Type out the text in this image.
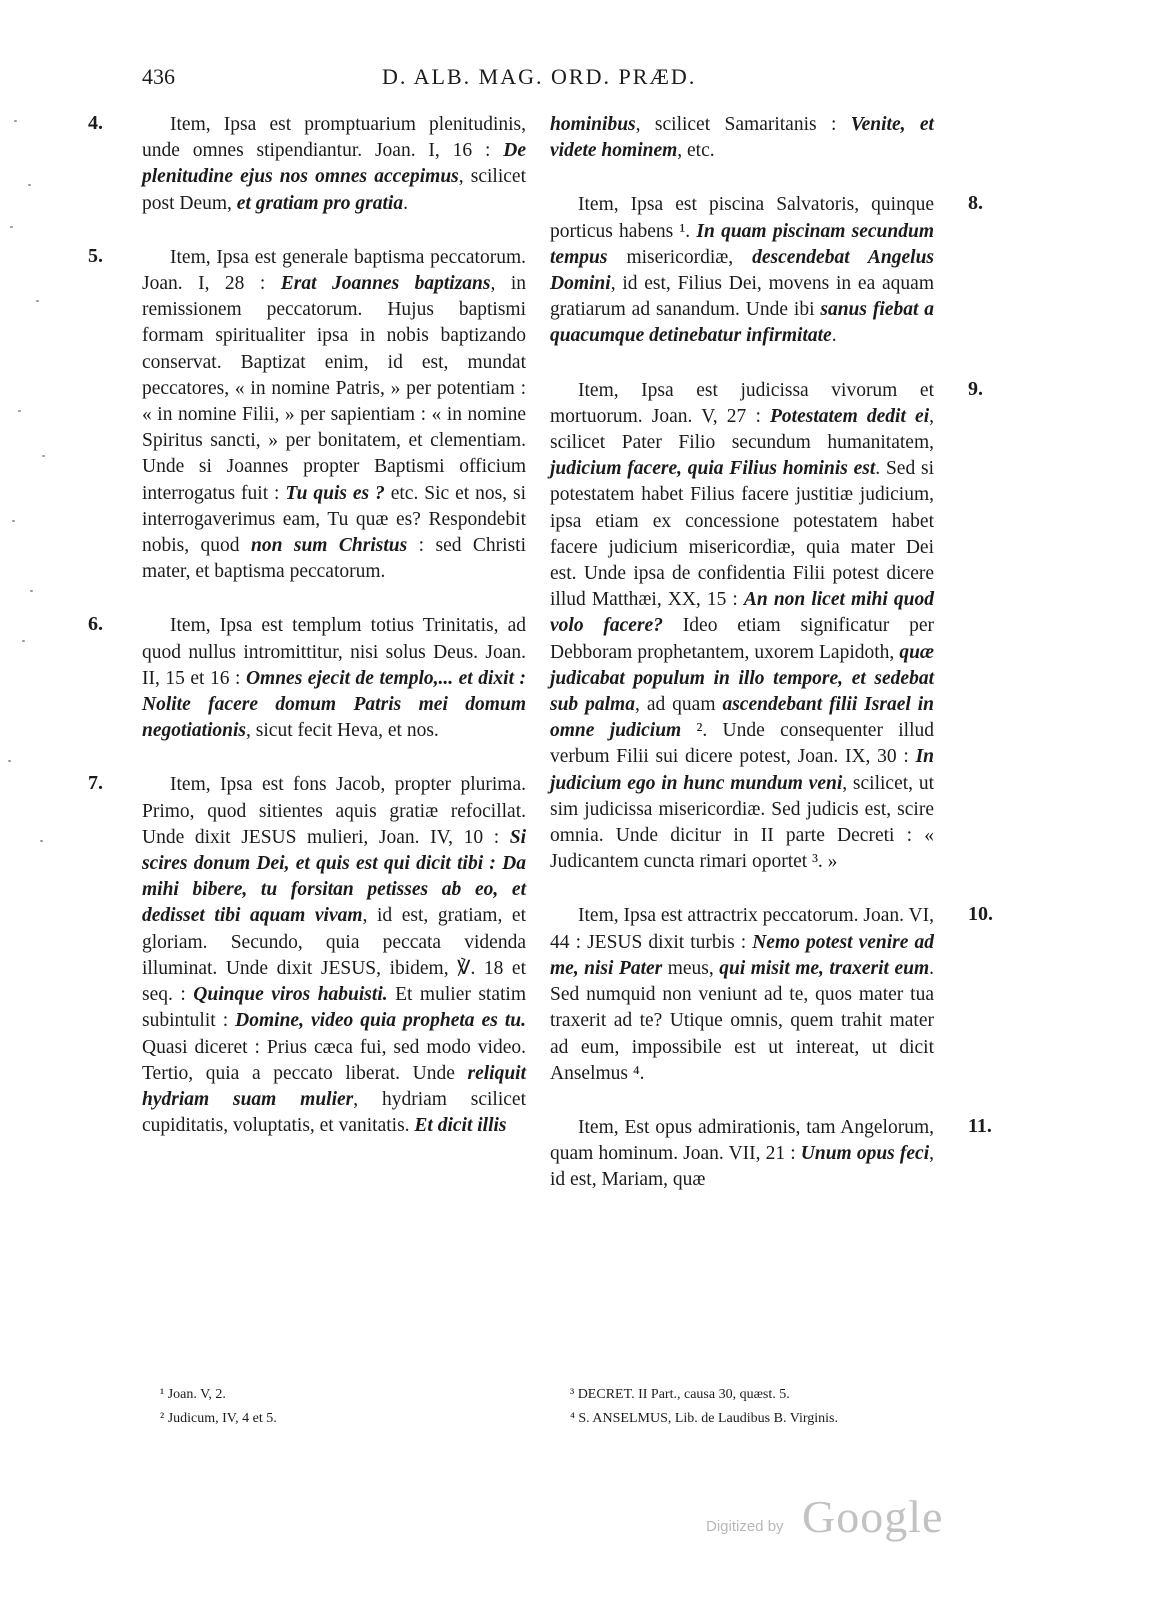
436	D. ALB. MAG. ORD. PRÆD.

Item, Ipsa est promptuarium plenitudinis, unde omnes stipendiantur. Joan. I, 16 : De plenitudine ejus nos omnes accepimus, scilicet post Deum, et gratiam pro gratia.

Item, Ipsa est generale baptisma peccatorum. Joan. I, 28 : Erat Joannes baptizans, in remissionem peccatorum. Hujus baptismi formam spiritualiter ipsa in nobis baptizando conservat. Baptizat enim, id est, mundat peccatores, « in nomine Patris, » per potentiam : « in nomine Filii, » per sapientiam : « in nomine Spiritus sancti, » per bonitatem, et clementiam. Unde si Joannes propter Baptismi officium interrogatus fuit : Tu quis es ? etc. Sic et nos, si interrogaverimus eam, Tu quæ es? Respondebit nobis, quod non sum Christus : sed Christi mater, et baptisma peccatorum.

Item, Ipsa est templum totius Trinitatis, ad quod nullus intromittitur, nisi solus Deus. Joan. II, 15 et 16 : Omnes ejecit de templo,... et dixit : Nolite facere domum Patris mei domum negotiationis, sicut fecit Heva, et nos.

Item, Ipsa est fons Jacob, propter plurima. Primo, quod sitientes aquis gratiæ refocillat. Unde dixit JESUS mulieri, Joan. IV, 10 : Si scires donum Dei, et quis est qui dicit tibi : Da mihi bibere, tu forsitan petisses ab eo, et dedisset tibi aquam vivam, id est, gratiam, et gloriam. Secundo, quia peccata videnda illuminat. Unde dixit JESUS, ibidem, ℣. 18 et seq. : Quinque viros habuisti. Et mulier statim subintulit : Domine, video quia propheta es tu. Quasi diceret : Prius cæca fui, sed modo video. Tertio, quia a peccato liberat. Unde reliquit hydriam suam mulier, hydriam scilicet cupiditatis, voluptatis, et vanitatis. Et dicit illis

hominibus, scilicet Samaritanis : Venite, et videte hominem, etc.

Item, Ipsa est piscina Salvatoris, quinque porticus habens ¹. In quam piscinam secundum tempus misericordiæ, descendebat Angelus Domini, id est, Filius Dei, movens in ea aquam gratiarum ad sanandum. Unde ibi sanus fiebat a quacumque detinebatur infirmitate.

Item, Ipsa est judicissa vivorum et mortuorum. Joan. V, 27 : Potestatem dedit ei, scilicet Pater Filio secundum humanitatem, judicium facere, quia Filius hominis est. Sed si potestatem habet Filius facere justitiæ judicium, ipsa etiam ex concessione potestatem habet facere judicium misericordiæ, quia mater Dei est. Unde ipsa de confidentia Filii potest dicere illud Matthæi, XX, 15 : An non licet mihi quod volo facere? Ideo etiam significatur per Debboram prophetantem, uxorem Lapidoth, quæ judicabat populum in illo tempore, et sedebat sub palma, ad quam ascendebant filii Israel in omne judicium ². Unde consequenter illud verbum Filii sui dicere potest, Joan. IX, 30 : In judicium ego in hunc mundum veni, scilicet, ut sim judicissa misericordiæ. Sed judicis est, scire omnia. Unde dicitur in II parte Decreti : « Judicantem cuncta rimari oportet ³. »

Item, Ipsa est attractrix peccatorum. Joan. VI, 44 : JESUS dixit turbis : Nemo potest venire ad me, nisi Pater meus, qui misit me, traxerit eum. Sed numquid non veniunt ad te, quos mater tua traxerit ad te? Utique omnis, quem trahit mater ad eum, impossibile est ut intereat, ut dicit Anselmus ⁴.

Item, Est opus admirationis, tam Angelorum, quam hominum. Joan. VII, 21 : Unum opus feci, id est, Mariam, quæ

4.
5.
6.
7.
8.
9.
10.
11.
¹ Joan. V, 2.
² Judicum, IV, 4 et 5.
³ DECRET. II Part., causa 30, quæst. 5.
⁴ S. ANSELMUS, Lib. de Laudibus B. Virginis.
Digitized by Google
